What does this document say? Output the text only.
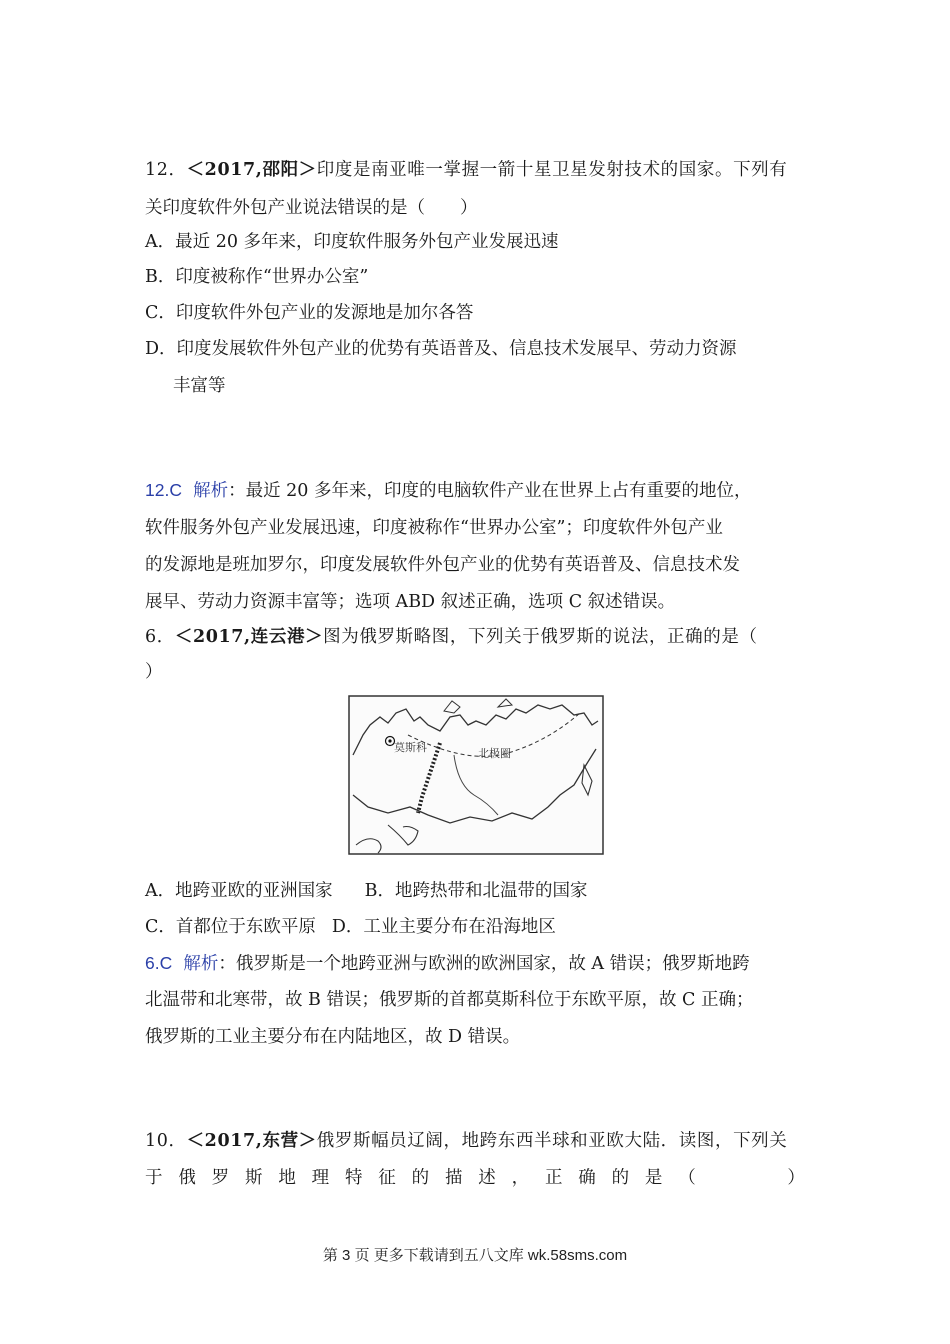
12．＜2017,邵阳＞印度是南亚唯一掌握一箭十星卫星发射技术的国家。下列有
关印度软件外包产业说法错误的是（　　）
A．最近 20 多年来，印度软件服务外包产业发展迅速
B．印度被称作“世界办公室”
C．印度软件外包产业的发源地是加尔各答
D．印度发展软件外包产业的优势有英语普及、信息技术发展早、劳动力资源
丰富等
12.C 解析：最近 20 多年来，印度的电脑软件产业在世界上占有重要的地位，
软件服务外包产业发展迅速，印度被称作“世界办公室”；印度软件外包产业
的发源地是班加罗尔，印度发展软件外包产业的优势有英语普及、信息技术发
展早、劳动力资源丰富等；选项 ABD 叙述正确，选项 C 叙述错误。
6．＜2017,连云港＞图为俄罗斯略图，下列关于俄罗斯的说法，正确的是（
）
莫斯科	北极圈
A．地跨亚欧的亚洲国家 B．地跨热带和北温带的国家
C．首都位于东欧平原 D．工业主要分布在沿海地区
6.C 解析：俄罗斯是一个地跨亚洲与欧洲的欧洲国家，故 A 错误；俄罗斯地跨
北温带和北寒带，故 B 错误；俄罗斯的首都莫斯科位于东欧平原，故 C 正确；
俄罗斯的工业主要分布在内陆地区，故 D 错误。
10．＜2017,东营＞俄罗斯幅员辽阔，地跨东西半球和亚欧大陆．读图，下列关
于 俄 罗 斯 地 理 特 征 的 描 述 ， 正 确 的 是 （	）
第 3 页 更多下载请到五八文库 wk.58sms.com
